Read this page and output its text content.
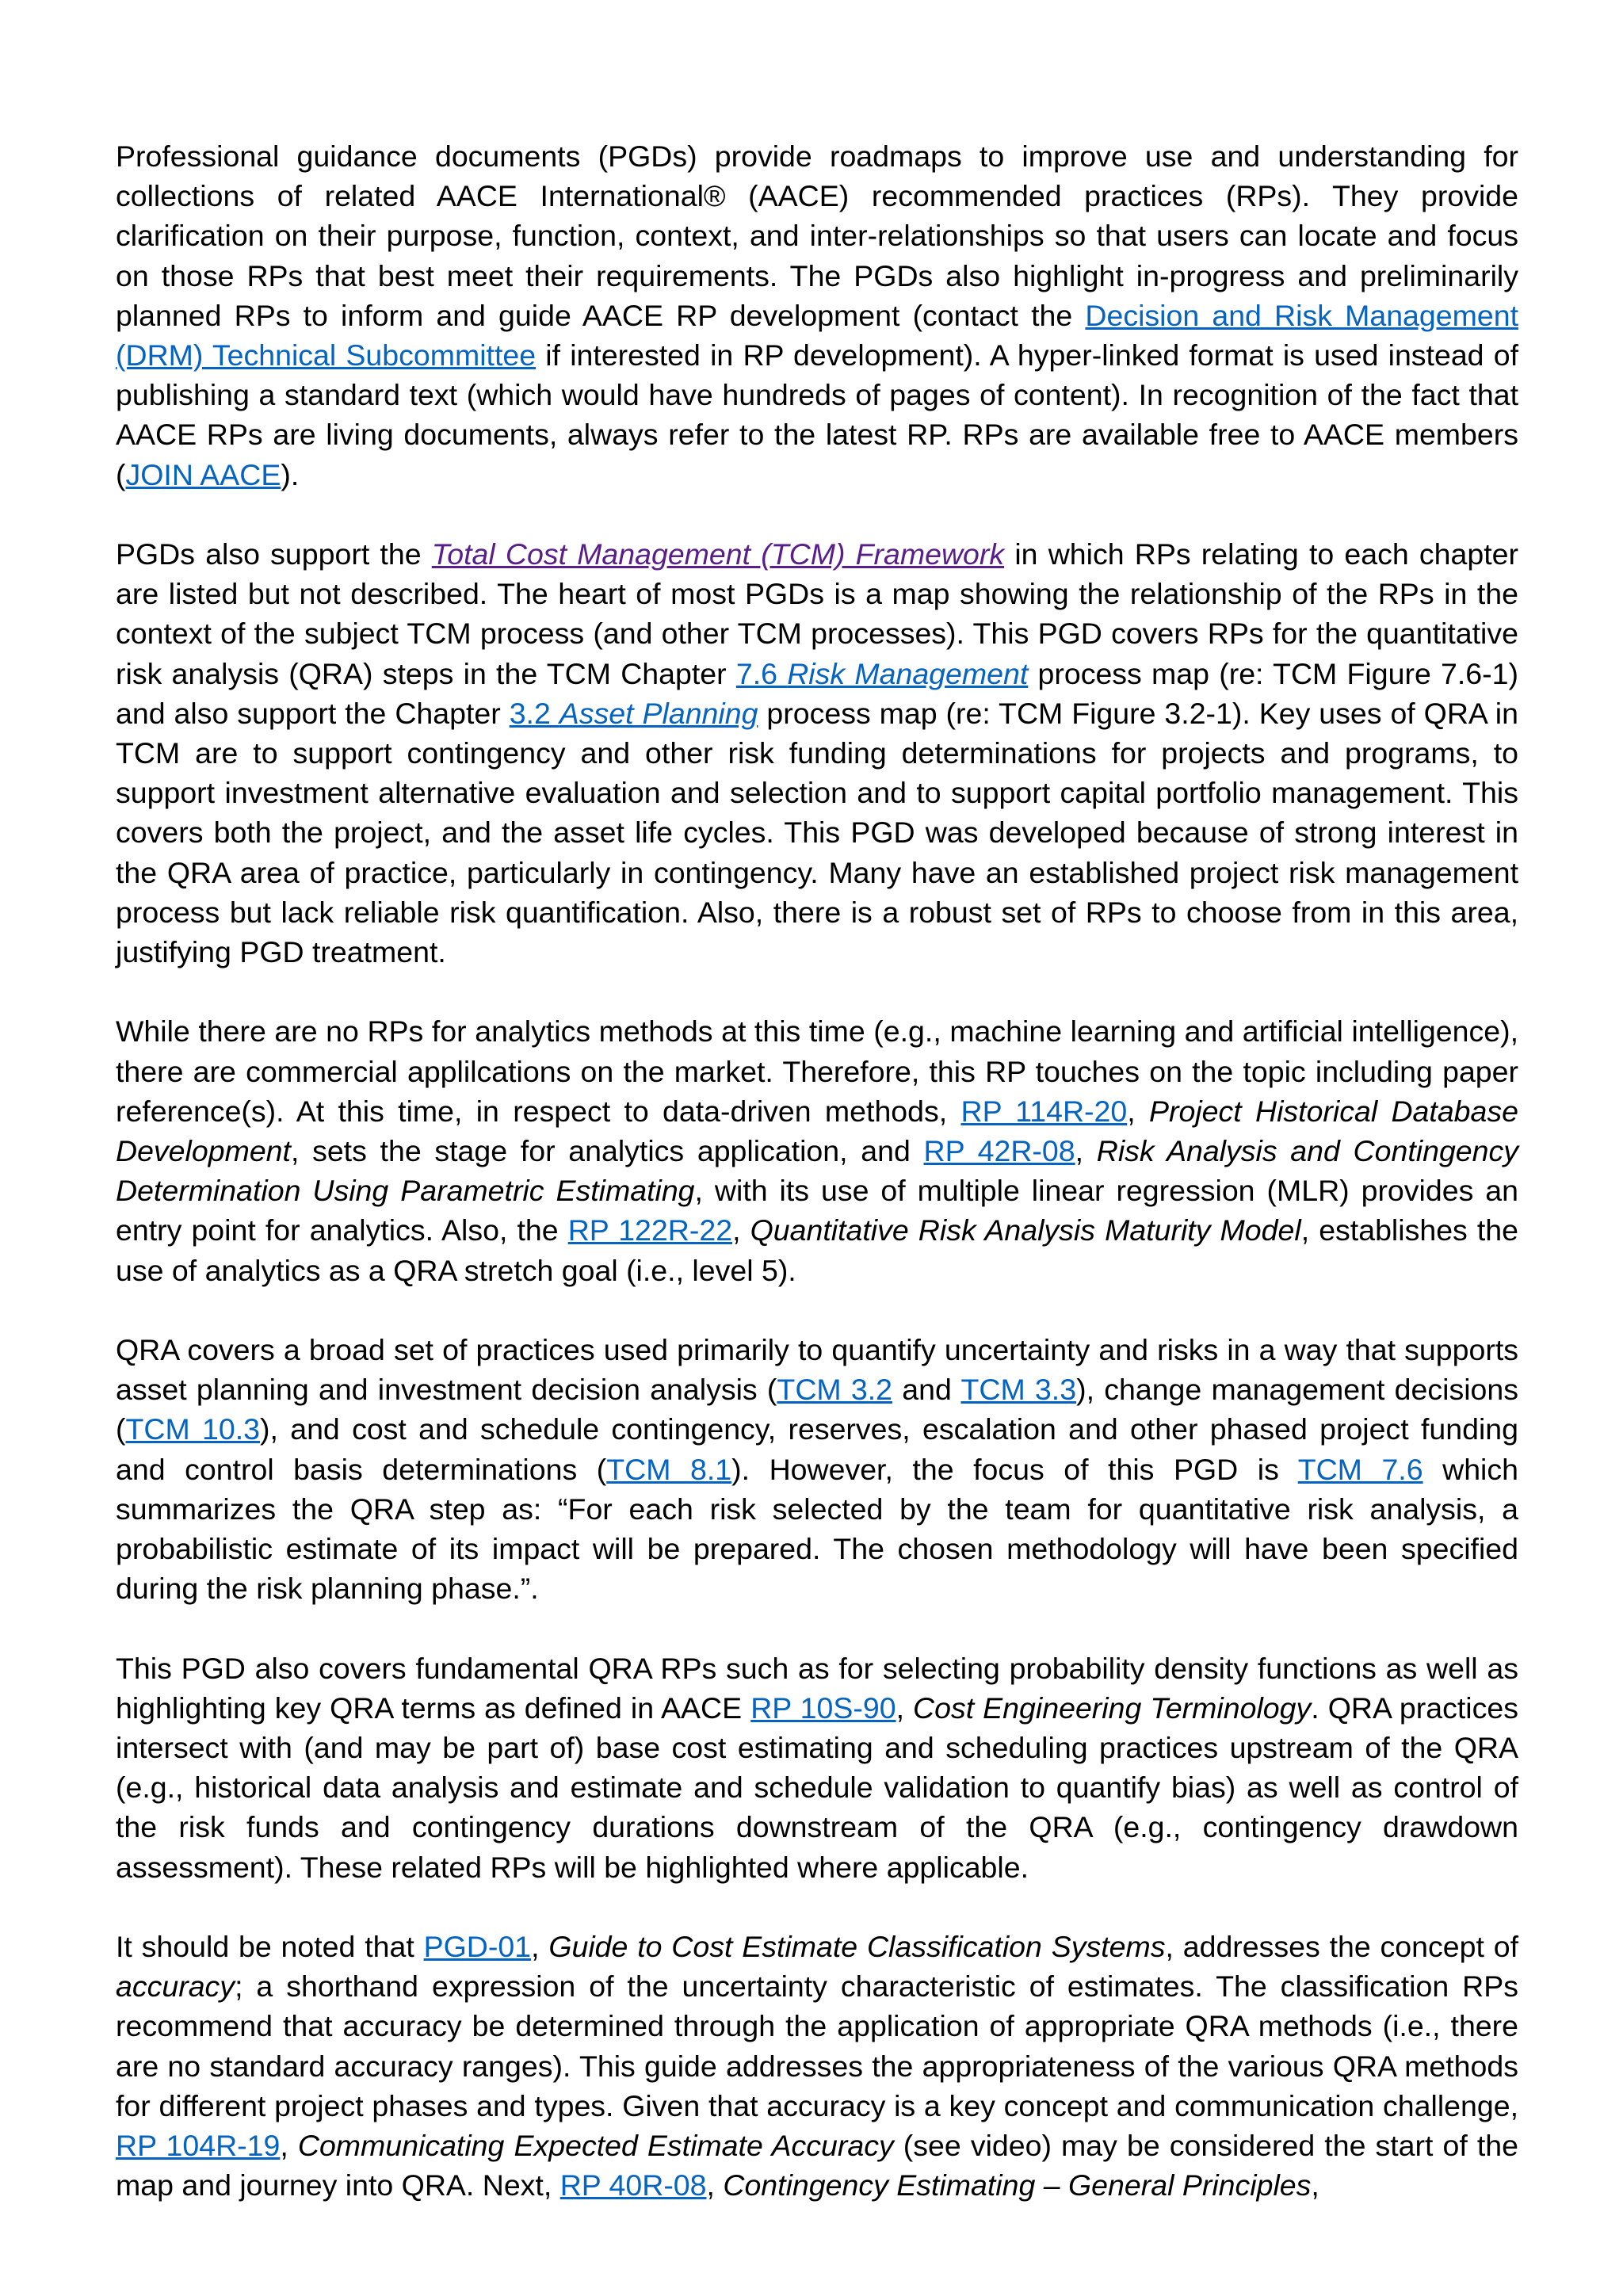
Professional guidance documents (PGDs) provide roadmaps to improve use and understanding for collections of related AACE International® (AACE) recommended practices (RPs). They provide clarification on their purpose, function, context, and inter-relationships so that users can locate and focus on those RPs that best meet their requirements. The PGDs also highlight in-progress and preliminarily planned RPs to inform and guide AACE RP development (contact the Decision and Risk Management (DRM) Technical Subcommittee if interested in RP development). A hyper-linked format is used instead of publishing a standard text (which would have hundreds of pages of content). In recognition of the fact that AACE RPs are living documents, always refer to the latest RP. RPs are available free to AACE members (JOIN AACE).

PGDs also support the Total Cost Management (TCM) Framework in which RPs relating to each chapter are listed but not described. The heart of most PGDs is a map showing the relationship of the RPs in the context of the subject TCM process (and other TCM processes). This PGD covers RPs for the quantitative risk analysis (QRA) steps in the TCM Chapter 7.6 Risk Management process map (re: TCM Figure 7.6-1) and also support the Chapter 3.2 Asset Planning process map (re: TCM Figure 3.2-1). Key uses of QRA in TCM are to support contingency and other risk funding determinations for projects and programs, to support investment alternative evaluation and selection and to support capital portfolio management. This covers both the project, and the asset life cycles. This PGD was developed because of strong interest in the QRA area of practice, particularly in contingency. Many have an established project risk management process but lack reliable risk quantification. Also, there is a robust set of RPs to choose from in this area, justifying PGD treatment.

While there are no RPs for analytics methods at this time (e.g., machine learning and artificial intelligence), there are commercial applilcations on the market. Therefore, this RP touches on the topic including paper reference(s). At this time, in respect to data-driven methods, RP 114R-20, Project Historical Database Development, sets the stage for analytics application, and RP 42R-08, Risk Analysis and Contingency Determination Using Parametric Estimating, with its use of multiple linear regression (MLR) provides an entry point for analytics. Also, the RP 122R-22, Quantitative Risk Analysis Maturity Model, establishes the use of analytics as a QRA stretch goal (i.e., level 5).

QRA covers a broad set of practices used primarily to quantify uncertainty and risks in a way that supports asset planning and investment decision analysis (TCM 3.2 and TCM 3.3), change management decisions (TCM 10.3), and cost and schedule contingency, reserves, escalation and other phased project funding and control basis determinations (TCM 8.1). However, the focus of this PGD is TCM 7.6 which summarizes the QRA step as: “For each risk selected by the team for quantitative risk analysis, a probabilistic estimate of its impact will be prepared. The chosen methodology will have been specified during the risk planning phase.”.

This PGD also covers fundamental QRA RPs such as for selecting probability density functions as well as highlighting key QRA terms as defined in AACE RP 10S-90, Cost Engineering Terminology. QRA practices intersect with (and may be part of) base cost estimating and scheduling practices upstream of the QRA (e.g., historical data analysis and estimate and schedule validation to quantify bias) as well as control of the risk funds and contingency durations downstream of the QRA (e.g., contingency drawdown assessment). These related RPs will be highlighted where applicable.

It should be noted that PGD-01, Guide to Cost Estimate Classification Systems, addresses the concept of accuracy; a shorthand expression of the uncertainty characteristic of estimates. The classification RPs recommend that accuracy be determined through the application of appropriate QRA methods (i.e., there are no standard accuracy ranges). This guide addresses the appropriateness of the various QRA methods for different project phases and types. Given that accuracy is a key concept and communication challenge, RP 104R-19, Communicating Expected Estimate Accuracy (see video) may be considered the start of the map and journey into QRA. Next, RP 40R-08, Contingency Estimating – General Principles,
